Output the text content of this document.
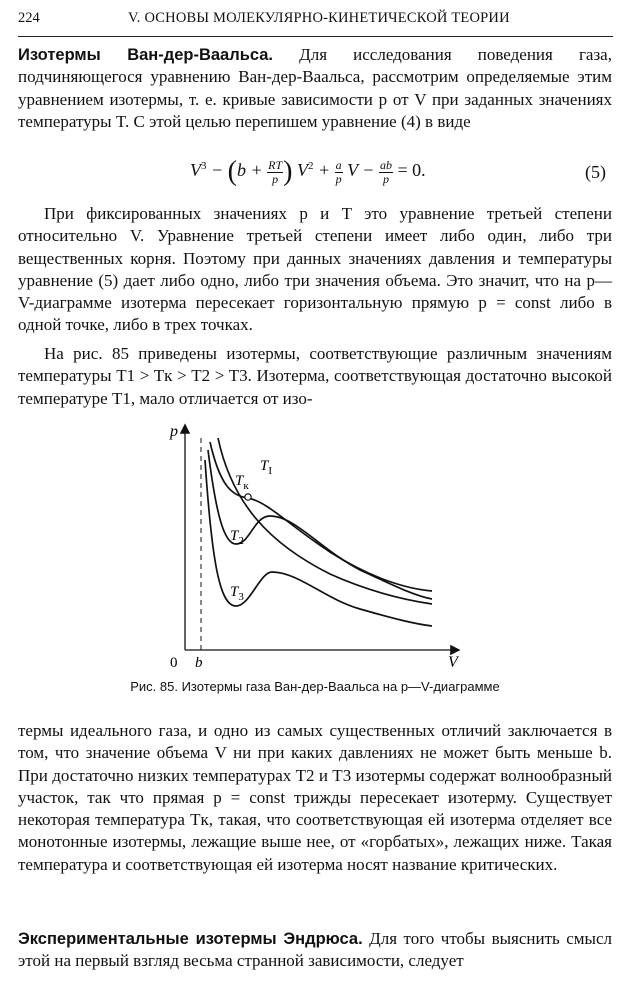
224	V. ОСНОВЫ МОЛЕКУЛЯРНО-КИНЕТИЧЕСКОЙ ТЕОРИИ

Изотермы Ван-дер-Ваальса. Для исследования поведения газа, подчиняющегося уравнению Ван-дер-Ваальса, рассмотрим определяемые этим уравнением изотермы, т. е. кривые зависимости p от V при заданных значениях температуры T. С этой целью перепишем уравнение (4) в виде

$V^3 - (b + \frac{RT}{p}$ ) $V^2 + \frac{a}{p}$ $V - \frac{ab}{p} = 0$.	(5)

При фиксированных значениях p и T это уравнение третьей степени относительно V. Уравнение третьей степени имеет либо один, либо три вещественных корня. Поэтому при данных значениях давления и температуры уравнение (5) дает либо одно, либо три значения объема. Это значит, что на p—V-диаграмме изотерма пересекает горизонтальную прямую p = const либо в одной точке, либо в трех точках.

На рис. 85 приведены изотермы, соответствующие различным значениям температуры T1 > Tк > T2 > T3. Изотерма, соответствующая достаточно высокой температуре T1, мало отличается от изо-

p
V
0 b
$T_I$
$T_к$
$T_2$
$T_3$
Рис. 85. Изотермы газа Ван-дер-Ваальса на p—V-диаграмме

термы идеального газа, и одно из самых существенных отличий заключается в том, что значение объема V ни при каких давлениях не может быть меньше b. При достаточно низких температурах T2 и T3 изотермы содержат волнообразный участок, так что прямая p = const трижды пересекает изотерму. Существует некоторая температура Tк, такая, что соответствующая ей изотерма отделяет все монотонные изотермы, лежащие выше нее, от «горбатых», лежащих ниже. Такая температура и соответствующая ей изотерма носят название критических.

Экспериментальные изотермы Эндрюса. Для того чтобы выяснить смысл этой на первый взгляд весьма странной зависимости, следует
